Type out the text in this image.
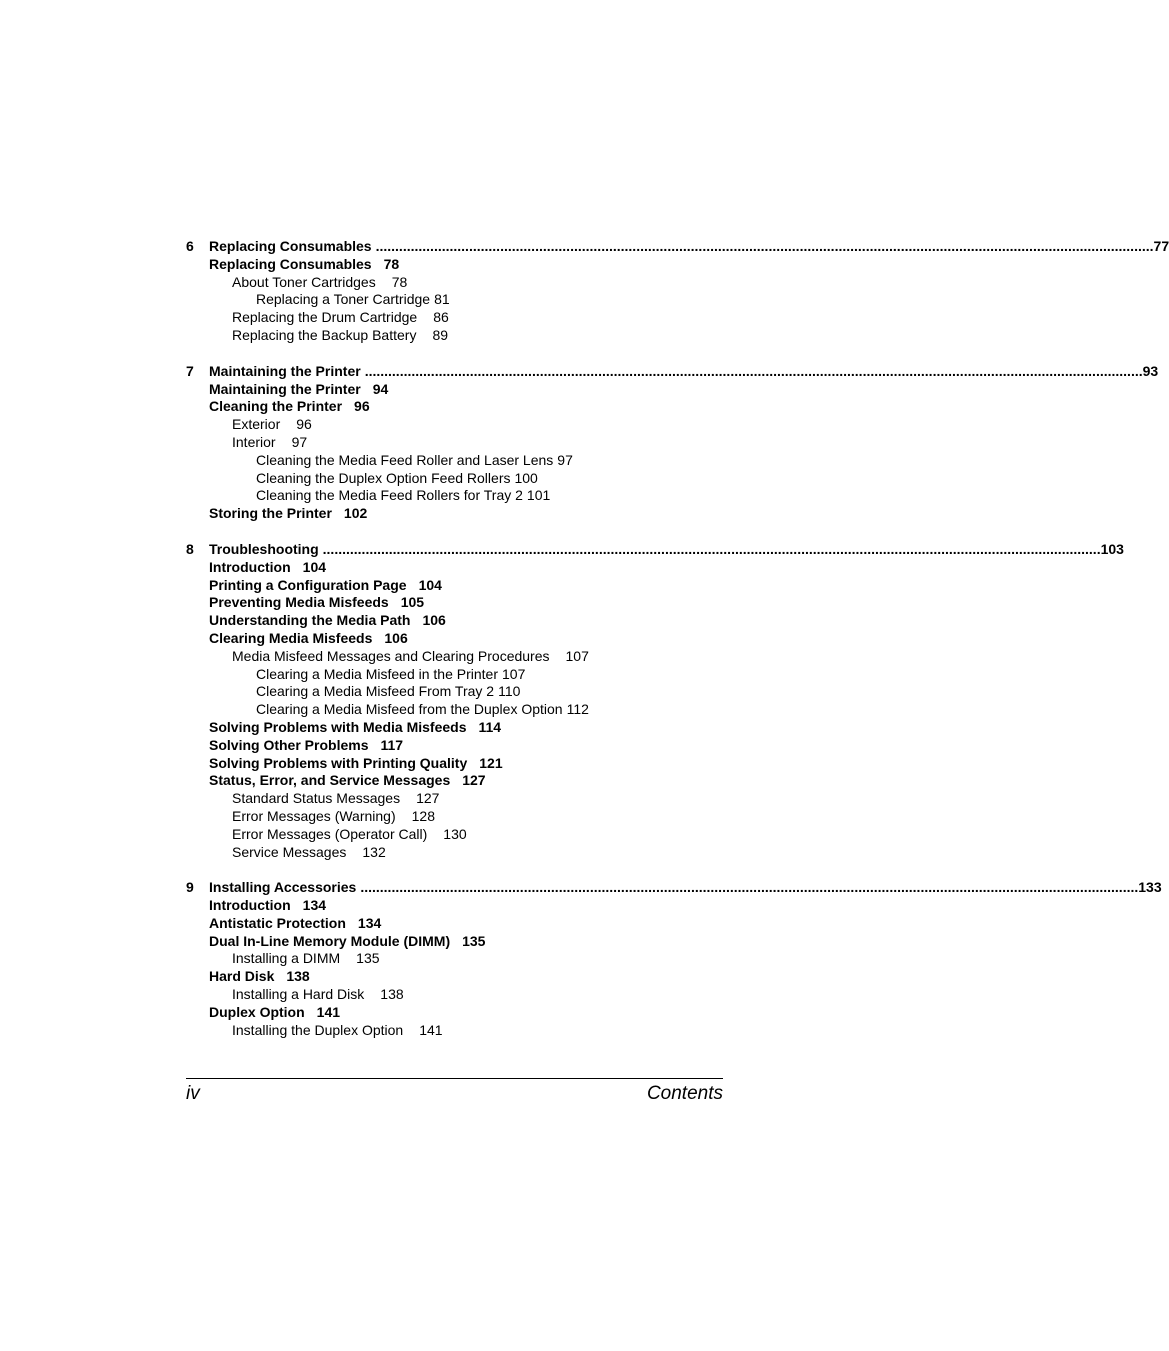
6	Replacing Consumables ........................................................................................................................................................................................................ 77
Replacing Consumables 78
About Toner Cartridges 78
Replacing a Toner Cartridge 81
Replacing the Drum Cartridge 86
Replacing the Backup Battery 89
7	Maintaining the Printer ........................................................................................................................................................................................................ 93
Maintaining the Printer 94
Cleaning the Printer 96
Exterior 96
Interior 97
Cleaning the Media Feed Roller and Laser Lens 97
Cleaning the Duplex Option Feed Rollers 100
Cleaning the Media Feed Rollers for Tray 2 101
Storing the Printer 102
8	Troubleshooting ........................................................................................................................................................................................................ 103
Introduction 104
Printing a Configuration Page 104
Preventing Media Misfeeds 105
Understanding the Media Path 106
Clearing Media Misfeeds 106
Media Misfeed Messages and Clearing Procedures 107
Clearing a Media Misfeed in the Printer 107
Clearing a Media Misfeed From Tray 2 110
Clearing a Media Misfeed from the Duplex Option 112
Solving Problems with Media Misfeeds 114
Solving Other Problems 117
Solving Problems with Printing Quality 121
Status, Error, and Service Messages 127
Standard Status Messages 127
Error Messages (Warning) 128
Error Messages (Operator Call) 130
Service Messages 132
9	Installing Accessories ........................................................................................................................................................................................................ 133
Introduction 134
Antistatic Protection 134
Dual In-Line Memory Module (DIMM) 135
Installing a DIMM 135
Hard Disk 138
Installing a Hard Disk 138
Duplex Option 141
Installing the Duplex Option 141
iv	Contents
